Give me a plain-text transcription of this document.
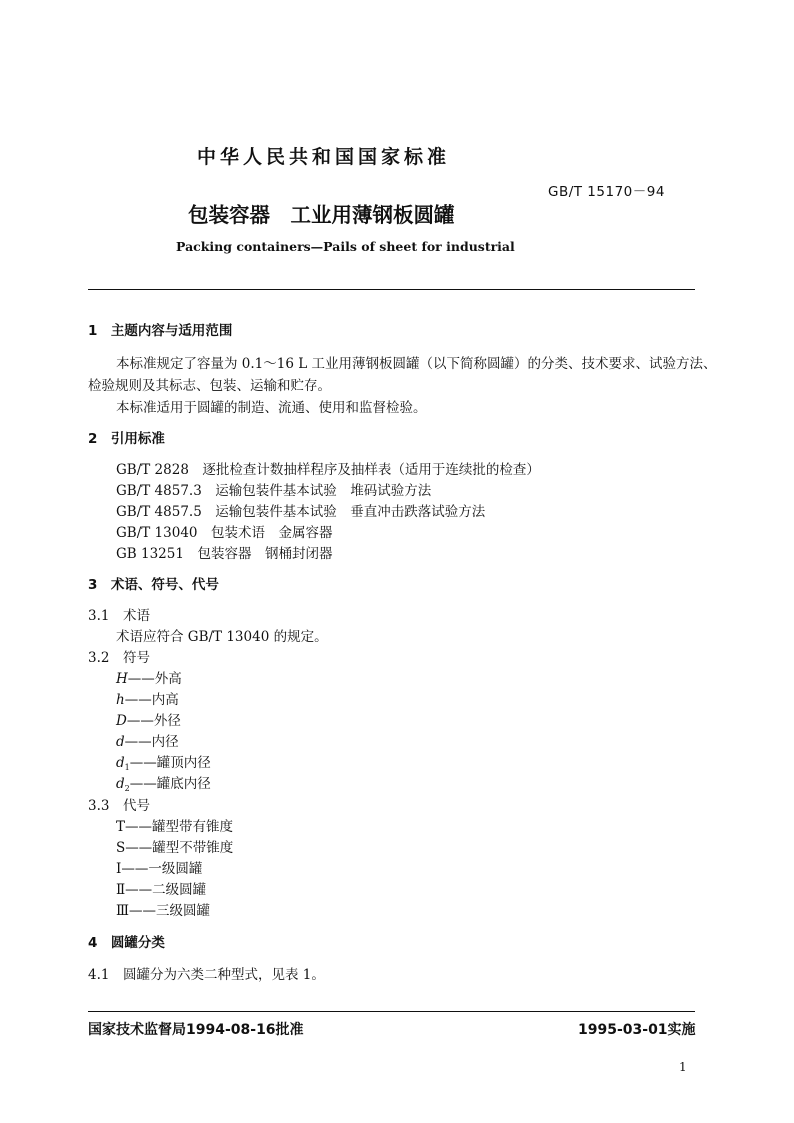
中华人民共和国国家标准
GB/T 15170－94
包装容器　工业用薄钢板圆罐
Packing containers—Pails of sheet for industrial
1　主题内容与适用范围
本标准规定了容量为 0.1～16 L 工业用薄钢板圆罐（以下简称圆罐）的分类、技术要求、试验方法、
检验规则及其标志、包装、运输和贮存。
本标准适用于圆罐的制造、流通、使用和监督检验。
2　引用标准
GB/T 2828　逐批检查计数抽样程序及抽样表（适用于连续批的检查）
GB/T 4857.3　运输包装件基本试验　堆码试验方法
GB/T 4857.5　运输包装件基本试验　垂直冲击跌落试验方法
GB/T 13040　包装术语　金属容器
GB 13251　包装容器　钢桶封闭器
3　术语、符号、代号
3.1　术语
术语应符合 GB/T 13040 的规定。
3.2　符号
H——外高
h——内高
D——外径
d——内径
$d_1——$罐顶内径
$d_2——$罐底内径
3.3　代号
T——罐型带有锥度
S——罐型不带锥度
Ⅰ——一级圆罐
Ⅱ——二级圆罐
Ⅲ——三级圆罐
4　圆罐分类
4.1　圆罐分为六类二种型式，见表 1。
国家技术监督局1994-08-16批准	1995-03-01实施
1
